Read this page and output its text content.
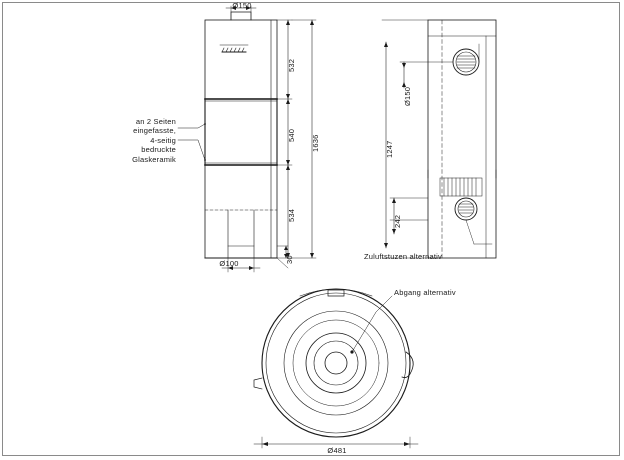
Ø150
532
540
534
1636
Ø100	30
an 2 Seiten
eingefasste,
4-seitig
bedruckte
Glaskeramik
Ø150
1247
242
Zuluftstuzen alternativ
Abgang alternativ
Ø481
